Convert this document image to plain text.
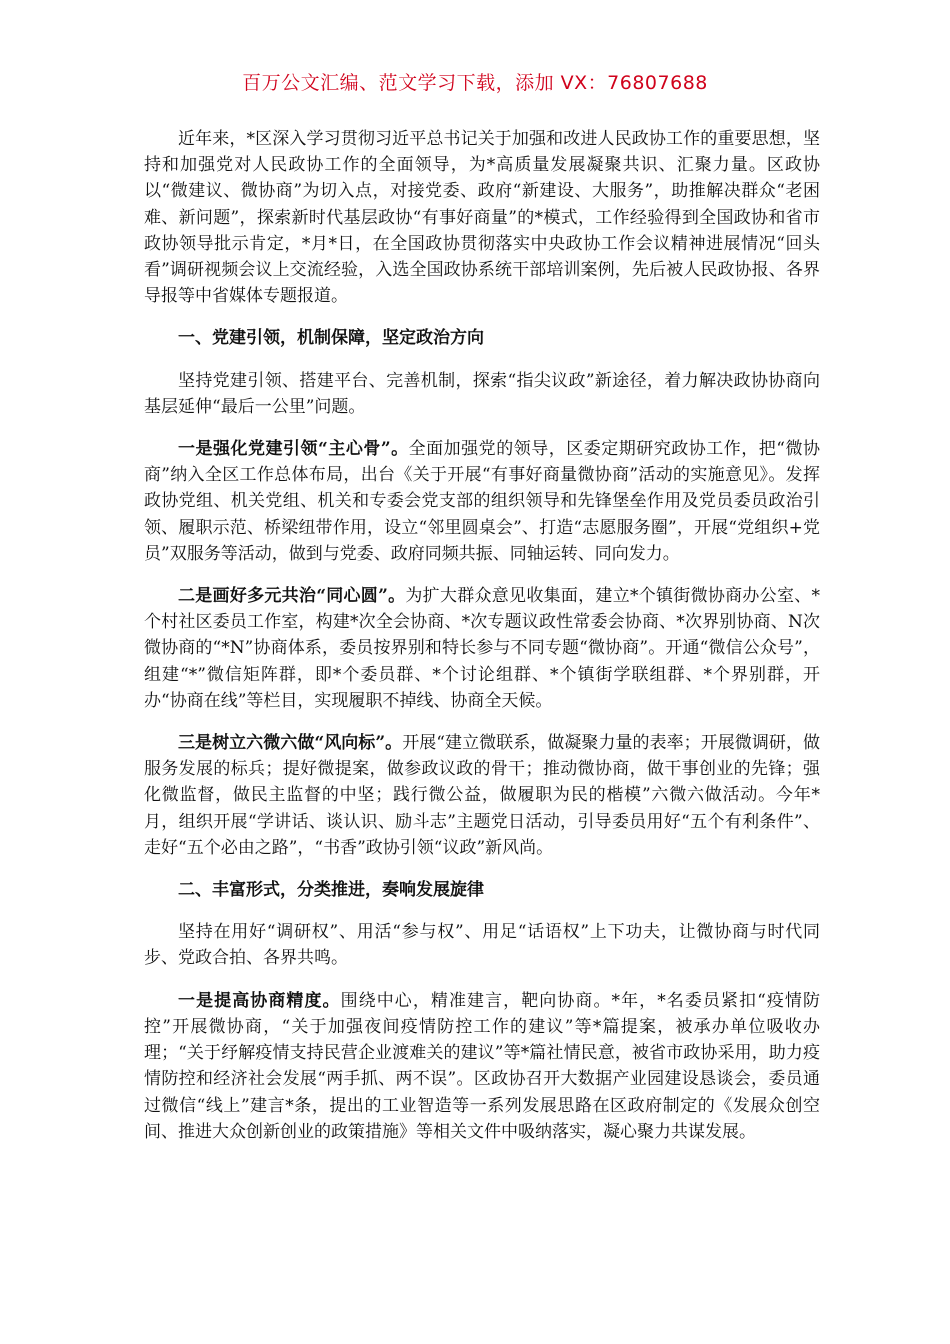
百万公文汇编、范文学习下载，添加 VX：76807688

近年来，*区深入学习贯彻习近平总书记关于加强和改进人民政协工作的重要思想，坚持和加强党对人民政协工作的全面领导，为*高质量发展凝聚共识、汇聚力量。区政协以“微建议、微协商”为切入点，对接党委、政府“新建设、大服务”，助推解决群众“老困难、新问题”，探索新时代基层政协“有事好商量”的*模式，工作经验得到全国政协和省市政协领导批示肯定，*月*日，在全国政协贯彻落实中央政协工作会议精神进展情况“回头看”调研视频会议上交流经验，入选全国政协系统干部培训案例，先后被人民政协报、各界导报等中省媒体专题报道。

一、党建引领，机制保障，坚定政治方向

坚持党建引领、搭建平台、完善机制，探索“指尖议政”新途径，着力解决政协协商向基层延伸“最后一公里”问题。

一是强化党建引领“主心骨”。全面加强党的领导，区委定期研究政协工作，把“微协商”纳入全区工作总体布局，出台《关于开展“有事好商量微协商”活动的实施意见》。发挥政协党组、机关党组、机关和专委会党支部的组织领导和先锋堡垒作用及党员委员政治引领、履职示范、桥梁纽带作用，设立“邻里圆桌会”、打造“志愿服务圈”，开展“党组织+党员”双服务等活动，做到与党委、政府同频共振、同轴运转、同向发力。

二是画好多元共治“同心圆”。为扩大群众意见收集面，建立*个镇街微协商办公室、*个村社区委员工作室，构建*次全会协商、*次专题议政性常委会协商、*次界别协商、N次微协商的“*N”协商体系，委员按界别和特长参与不同专题“微协商”。开通“微信公众号”，组建“*”微信矩阵群，即*个委员群、*个讨论组群、*个镇街学联组群、*个界别群，开办“协商在线”等栏目，实现履职不掉线、协商全天候。

三是树立六微六做“风向标”。开展“建立微联系，做凝聚力量的表率；开展微调研，做服务发展的标兵；提好微提案，做参政议政的骨干；推动微协商，做干事创业的先锋；强化微监督，做民主监督的中坚；践行微公益，做履职为民的楷模”六微六做活动。今年*月，组织开展“学讲话、谈认识、励斗志”主题党日活动，引导委员用好“五个有利条件”、走好“五个必由之路”，“书香”政协引领“议政”新风尚。

二、丰富形式，分类推进，奏响发展旋律

坚持在用好“调研权”、用活“参与权”、用足“话语权”上下功夫，让微协商与时代同步、党政合拍、各界共鸣。

一是提高协商精度。围绕中心，精准建言，靶向协商。*年，*名委员紧扣“疫情防控”开展微协商，“关于加强夜间疫情防控工作的建议”等*篇提案，被承办单位吸收办理；“关于纾解疫情支持民营企业渡难关的建议”等*篇社情民意，被省市政协采用，助力疫情防控和经济社会发展“两手抓、两不误”。区政协召开大数据产业园建设恳谈会，委员通过微信“线上”建言*条，提出的工业智造等一系列发展思路在区政府制定的《发展众创空间、推进大众创新创业的政策措施》等相关文件中吸纳落实，凝心聚力共谋发展。
